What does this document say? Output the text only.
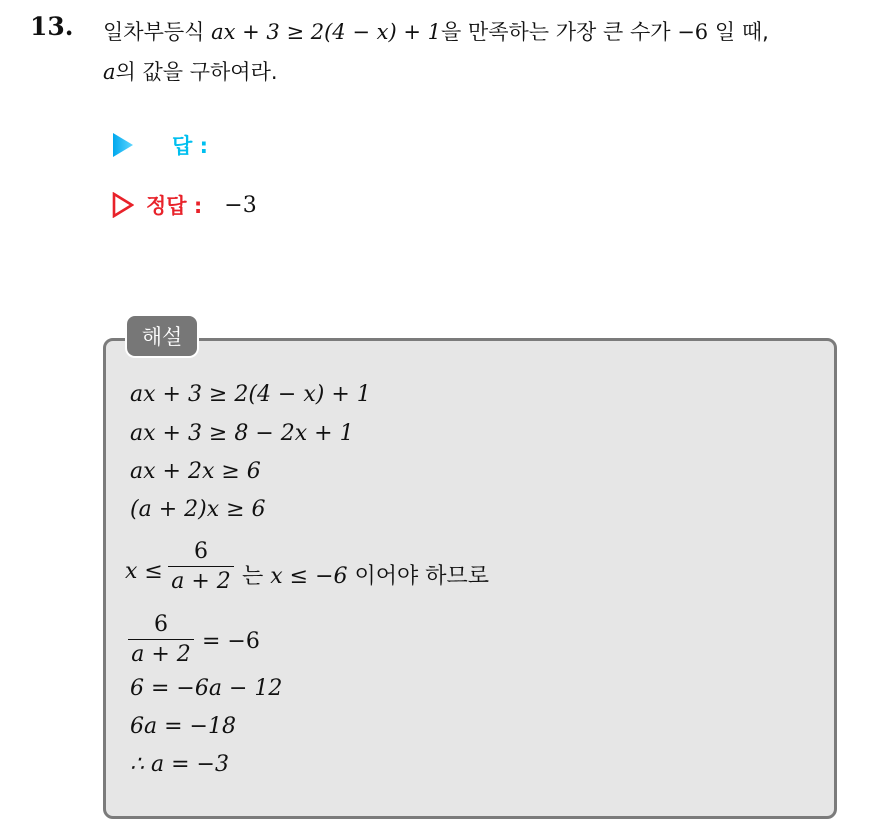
13. 일차부등식 ax + 3 ≥ 2(4 − x) + 1을 만족하는 가장 큰 수가 −6 일 때,
a의 값을 구하여라.
답 :
정답 : −3
해설
ax + 3 ≥ 2(4 − x) + 1
ax + 3 ≥ 8 − 2x + 1
ax + 2x ≥ 6
(a + 2)x ≥ 6
x ≤
6
a + 2 는 x ≤ −6 이어야 하므로
6
a + 2
= −6
6 = −6a − 12
6a = −18
∴ a = −3
